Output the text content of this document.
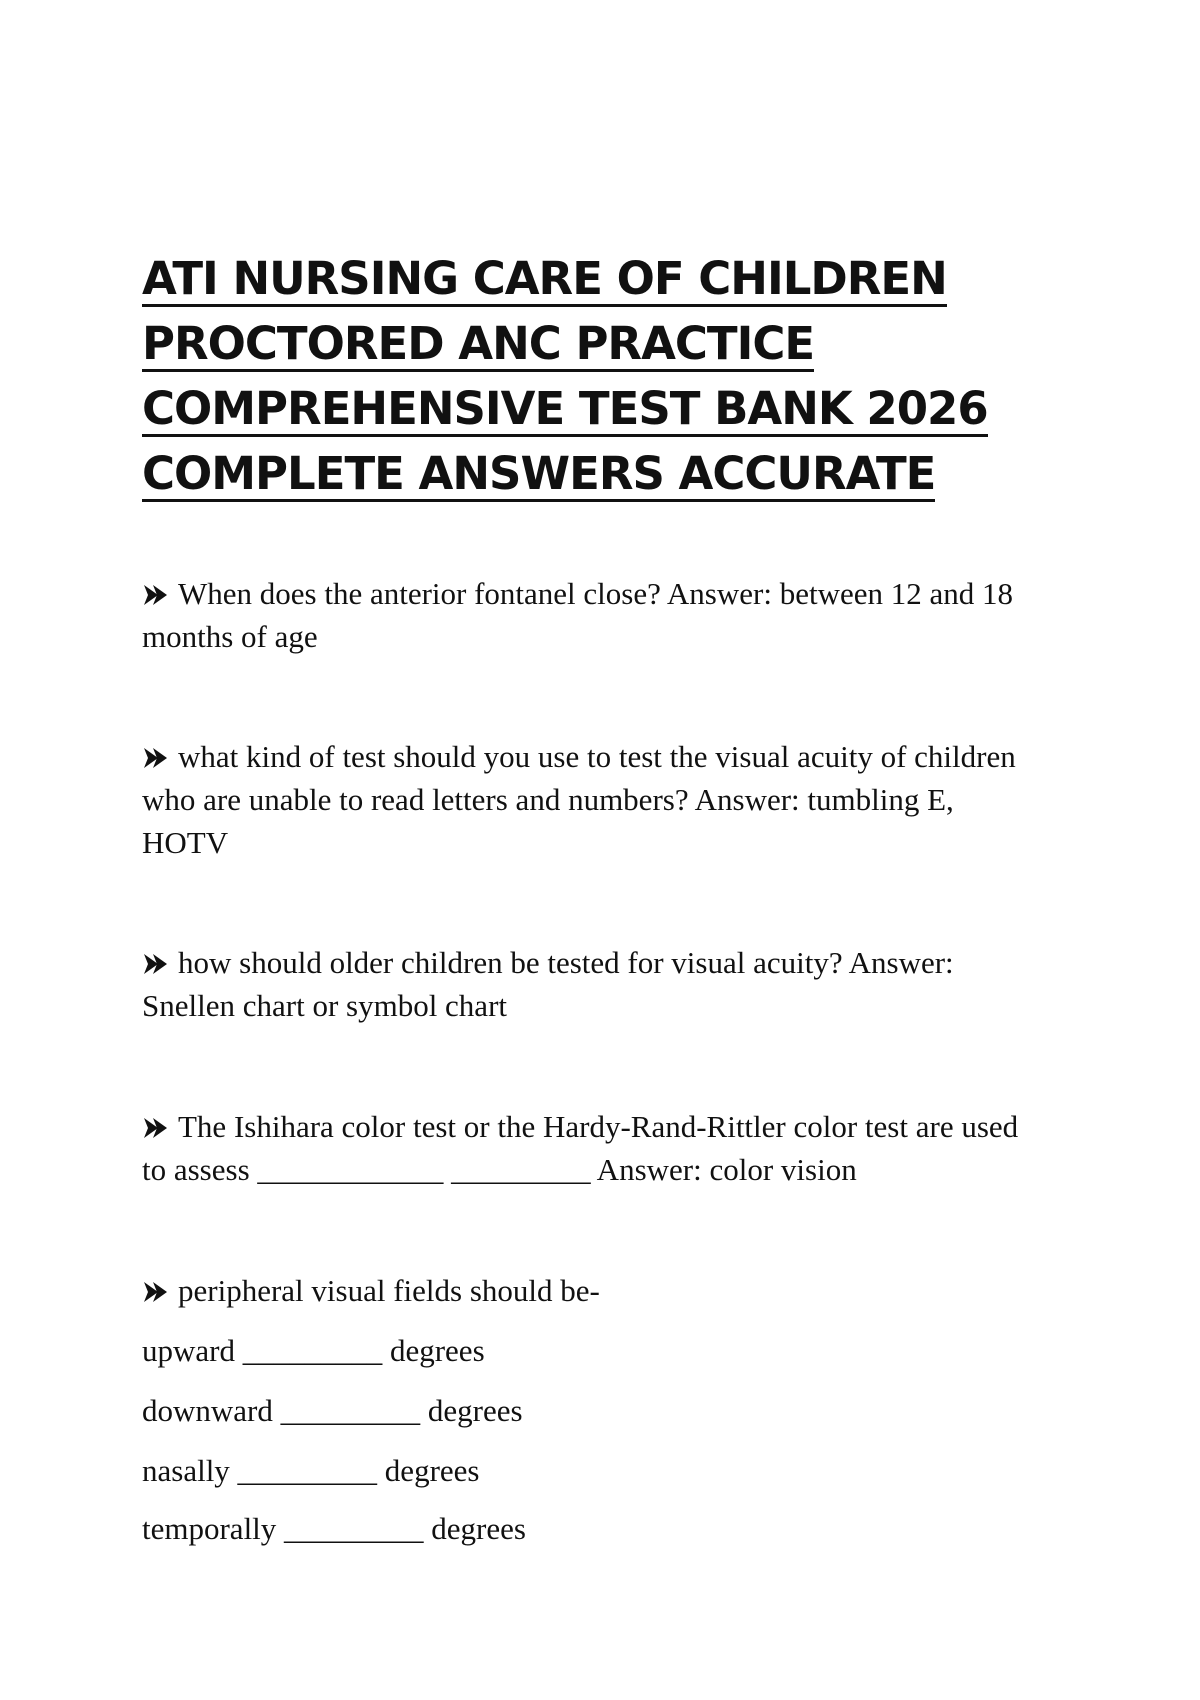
ATI NURSING CARE OF CHILDREN
PROCTORED ANC PRACTICE
COMPREHENSIVE TEST BANK 2026
COMPLETE ANSWERS ACCURATE

When does the anterior fontanel close? Answer: between 12 and 18 months of age

what kind of test should you use to test the visual acuity of children who are unable to read letters and numbers? Answer: tumbling E, HOTV

how should older children be tested for visual acuity? Answer: Snellen chart or symbol chart

The Ishihara color test or the Hardy-Rand-Rittler color test are used to assess ____________ _________ Answer: color vision

peripheral visual fields should be-

upward _________ degrees

downward _________ degrees

nasally _________ degrees

temporally _________ degrees
